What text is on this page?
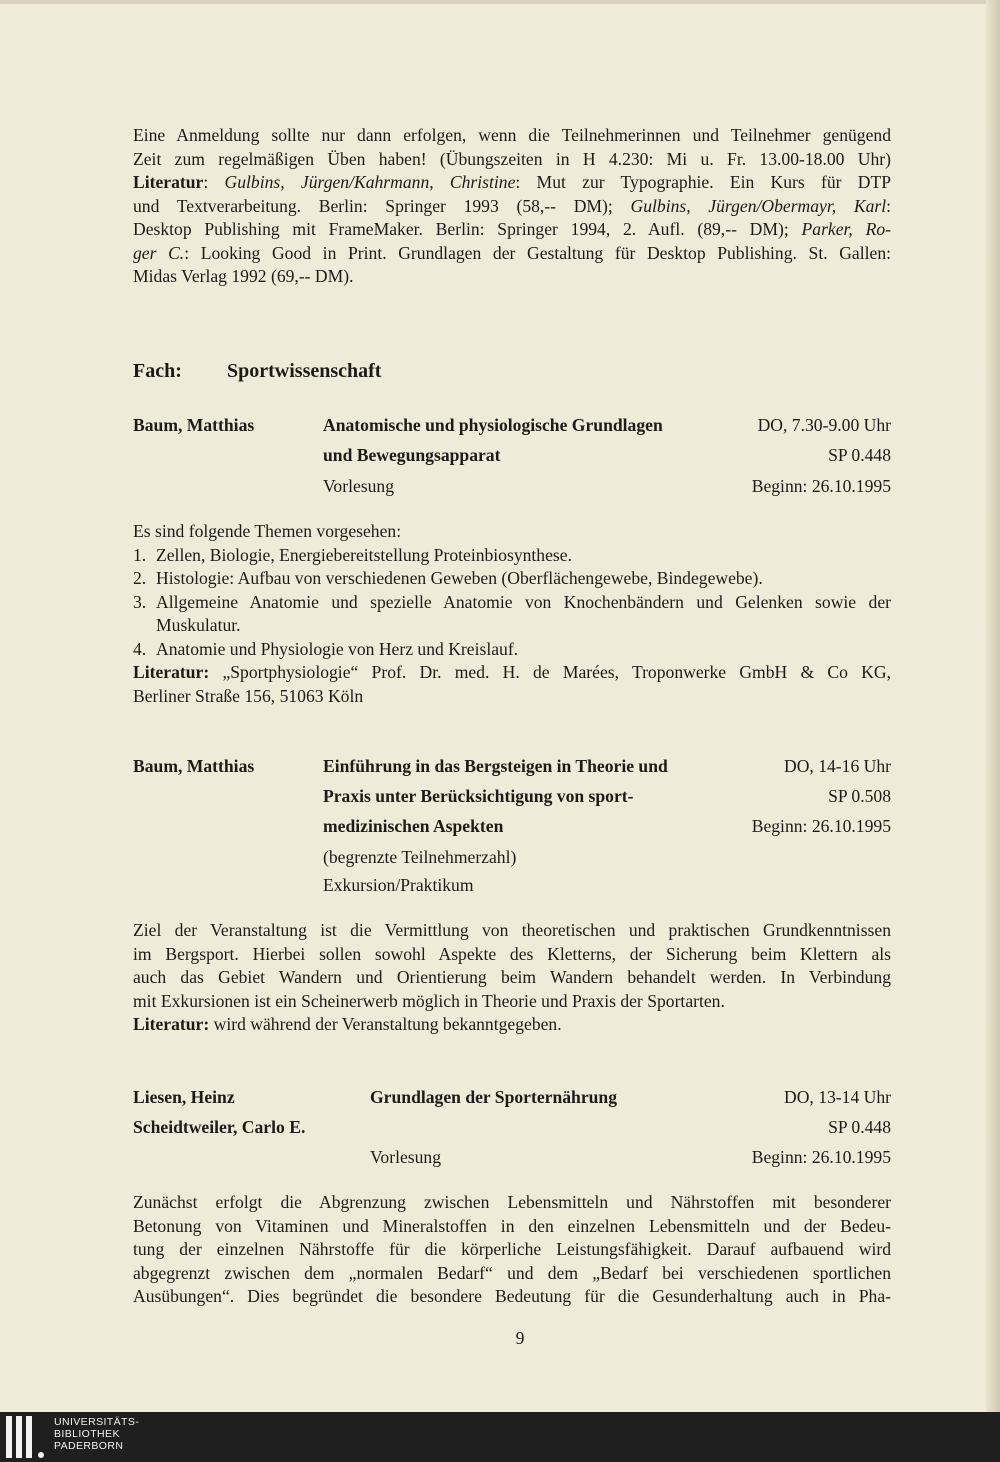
Eine Anmeldung sollte nur dann erfolgen, wenn die Teilnehmerinnen und Teilnehmer genügend
Zeit zum regelmäßigen Üben haben! (Übungszeiten in H 4.230: Mi u. Fr. 13.00-18.00 Uhr)
Literatur: Gulbins, Jürgen/Kahrmann, Christine: Mut zur Typographie. Ein Kurs für DTP
und Textverarbeitung. Berlin: Springer 1993 (58,-- DM); Gulbins, Jürgen/Obermayr, Karl:
Desktop Publishing mit FrameMaker. Berlin: Springer 1994, 2. Aufl. (89,-- DM); Parker, Ro-
ger C.: Looking Good in Print. Grundlagen der Gestaltung für Desktop Publishing. St. Gallen:
Midas Verlag 1992 (69,-- DM).
Fach: Sportwissenschaft
Baum, Matthias	Anatomische und physiologische Grundlagen
und Bewegungsapparat
Vorlesung
DO, 7.30-9.00 Uhr
SP 0.448
Beginn: 26.10.1995
Es sind folgende Themen vorgesehen:
1. Zellen, Biologie, Energiebereitstellung Proteinbiosynthese.
2. Histologie: Aufbau von verschiedenen Geweben (Oberflächengewebe, Bindegewebe).
3. Allgemeine Anatomie und spezielle Anatomie von Knochenbändern und Gelenken sowie der
Muskulatur.
4. Anatomie und Physiologie von Herz und Kreislauf.
Literatur: „Sportphysiologie“ Prof. Dr. med. H. de Marées, Troponwerke GmbH & Co KG,
Berliner Straße 156, 51063 Köln
Baum, Matthias	Einführung in das Bergsteigen in Theorie und
Praxis unter Berücksichtigung von sport-
medizinischen Aspekten
(begrenzte Teilnehmerzahl)
Exkursion/Praktikum
DO, 14-16 Uhr
SP 0.508
Beginn: 26.10.1995
Ziel der Veranstaltung ist die Vermittlung von theoretischen und praktischen Grundkenntnissen
im Bergsport. Hierbei sollen sowohl Aspekte des Kletterns, der Sicherung beim Klettern als
auch das Gebiet Wandern und Orientierung beim Wandern behandelt werden. In Verbindung
mit Exkursionen ist ein Scheinerwerb möglich in Theorie und Praxis der Sportarten.
Literatur: wird während der Veranstaltung bekanntgegeben.
Liesen, Heinz
Scheidtweiler, Carlo E.
Grundlagen der Sporternährung
Vorlesung
DO, 13-14 Uhr
SP 0.448
Beginn: 26.10.1995
Zunächst erfolgt die Abgrenzung zwischen Lebensmitteln und Nährstoffen mit besonderer
Betonung von Vitaminen und Mineralstoffen in den einzelnen Lebensmitteln und der Bedeu-
tung der einzelnen Nährstoffe für die körperliche Leistungsfähigkeit. Darauf aufbauend wird
abgegrenzt zwischen dem „normalen Bedarf“ und dem „Bedarf bei verschiedenen sportlichen
Ausübungen“. Dies begründet die besondere Bedeutung für die Gesunderhaltung auch in Pha-
9
UNIVERSITÄTS-
BIBLIOTHEK
PADERBORN
